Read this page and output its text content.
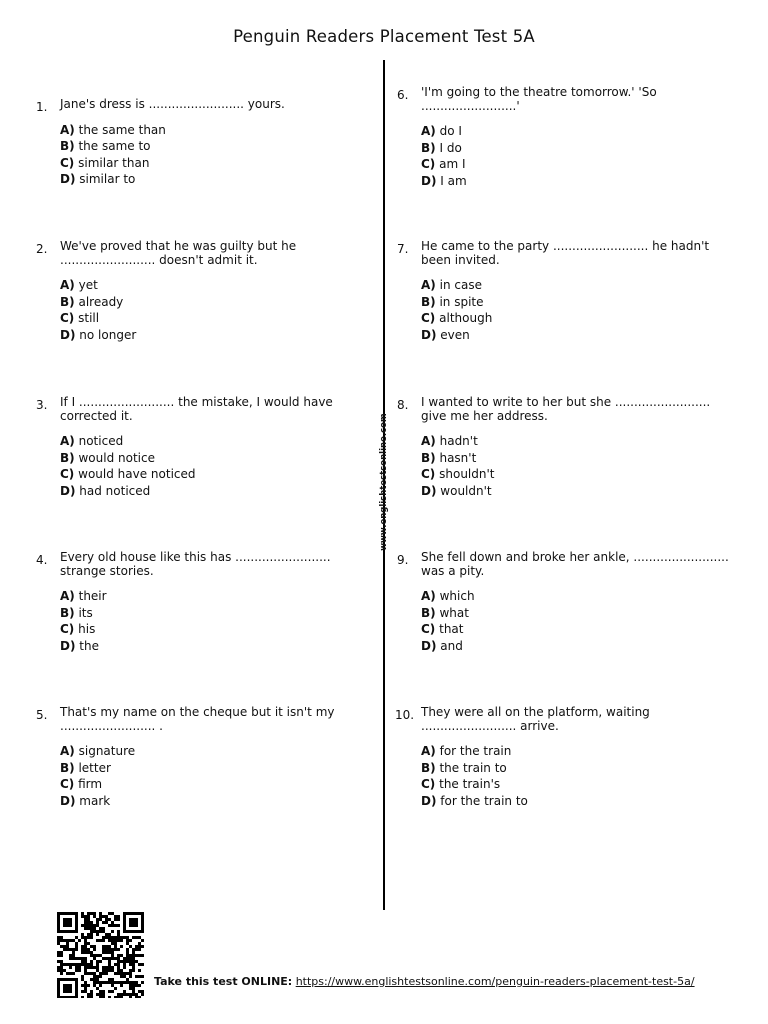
Penguin Readers Placement Test 5A
www.englishtestsonline.com
1. Jane's dress is ......................... yours.
A) the same than
B) the same to
C) similar than
D) similar to
2. We've proved that he was guilty but he ......................... doesn't admit it.
A) yet
B) already
C) still
D) no longer
3. If I ......................... the mistake, I would have corrected it.
A) noticed
B) would notice
C) would have noticed
D) had noticed
4. Every old house like this has ......................... strange stories.
A) their
B) its
C) his
D) the
5. That's my name on the cheque but it isn't my ......................... .
A) signature
B) letter
C) firm
D) mark
6. 'I'm going to the theatre tomorrow.' 'So .........................'
A) do I
B) I do
C) am I
D) I am
7. He came to the party ......................... he hadn't been invited.
A) in case
B) in spite
C) although
D) even
8. I wanted to write to her but she ......................... give me her address.
A) hadn't
B) hasn't
C) shouldn't
D) wouldn't
9. She fell down and broke her ankle, ......................... was a pity.
A) which
B) what
C) that
D) and
10. They were all on the platform, waiting ......................... arrive.
A) for the train
B) the train to
C) the train's
D) for the train to
Take this test ONLINE: https://www.englishtestsonline.com/penguin-readers-placement-test-5a/
